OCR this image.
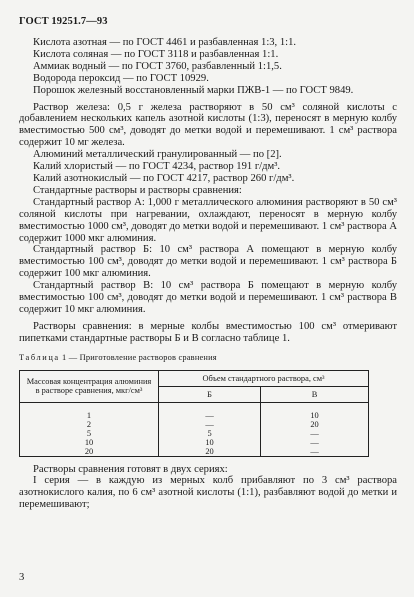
ГОСТ 19251.7—93

Кислота азотная — по ГОСТ 4461 и разбавленная 1:3, 1:1.

Кислота соляная — по ГОСТ 3118 и разбавленная 1:1.

Аммиак водный — по ГОСТ 3760, разбавленный 1:1,5.

Водорода пероксид — по ГОСТ 10929.

Порошок железный восстановленный марки ПЖВ-1 — по ГОСТ 9849.

Раствор железа: 0,5 г железа растворяют в 50 см³ соляной кислоты с добавлением нескольких капель азотной кислоты (1:3), переносят в мерную колбу вместимостью 500 см³, доводят до метки водой и перемешивают. 1 см³ раствора содержит 10 мг железа.

Алюминий металлический гранулированный — по [2].

Калий хлористый — по ГОСТ 4234, раствор 191 г/дм³.

Калий азотнокислый — по ГОСТ 4217, раствор 260 г/дм³.

Стандартные растворы и растворы сравнения:

Стандартный раствор А: 1,000 г металлического алюминия растворяют в 50 см³ соляной кислоты при нагревании, охлаждают, переносят в мерную колбу вместимостью 1000 см³, доводят до метки водой и перемешивают. 1 см³ раствора А содержит 1000 мкг алюминия.

Стандартный раствор Б: 10 см³ раствора А помещают в мерную колбу вместимостью 100 см³, доводят до метки водой и перемешивают. 1 см³ раствора Б содержит 100 мкг алюминия.

Стандартный раствор В: 10 см³ раствора Б помещают в мерную колбу вместимостью 100 см³, доводят до метки водой и перемешивают. 1 см³ раствора В содержит 10 мкг алюминия.

Растворы сравнения: в мерные колбы вместимостью 100 см³ отмеривают пипетками стандартные растворы Б и В согласно таблице 1.

Таблица 1 — Приготовление растворов сравнения

Массовая концентрация алюминия в растворе сравнения, мкг/см³	Объем стандартного раствора, см³	
	Б	В
1	—	10
2	—	20
5	5	—
10	10	—
20	20	—

Растворы сравнения готовят в двух сериях:

I серия — в каждую из мерных колб прибавляют по 3 см³ раствора азотнокислого калия, по 6 см³ азотной кислоты (1:1), разбавляют водой до метки и перемешивают;

3
